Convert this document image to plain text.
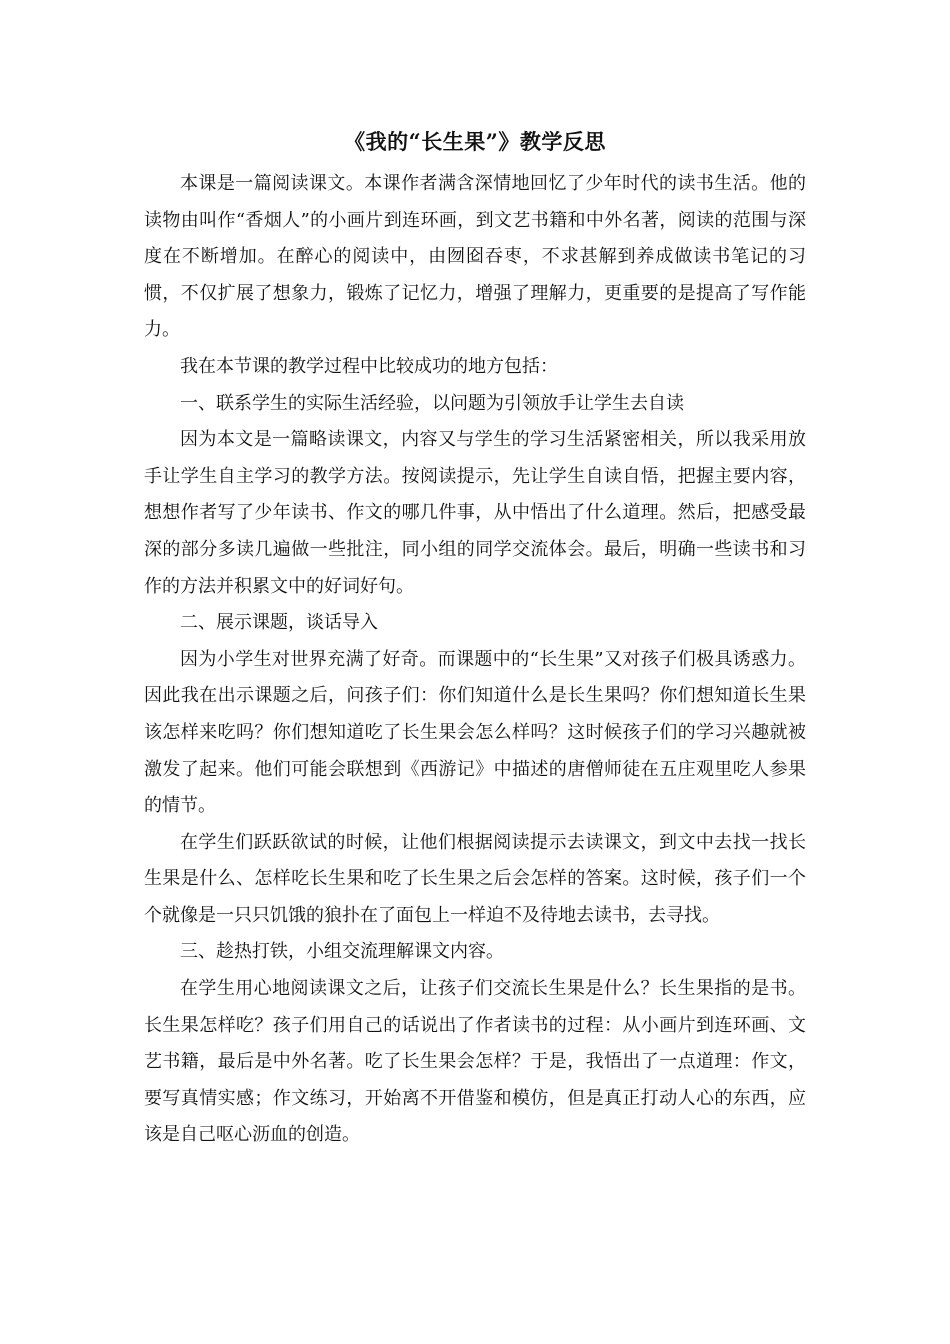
《我的“长生果”》教学反思

本课是一篇阅读课文。本课作者满含深情地回忆了少年时代的读书生活。他的读物由叫作“香烟人”的小画片到连环画，到文艺书籍和中外名著，阅读的范围与深度在不断增加。在醉心的阅读中，由囫囵吞枣，不求甚解到养成做读书笔记的习惯，不仅扩展了想象力，锻炼了记忆力，增强了理解力，更重要的是提高了写作能力。

我在本节课的教学过程中比较成功的地方包括：

一、联系学生的实际生活经验，以问题为引领放手让学生去自读

因为本文是一篇略读课文，内容又与学生的学习生活紧密相关，所以我采用放手让学生自主学习的教学方法。按阅读提示，先让学生自读自悟，把握主要内容，想想作者写了少年读书、作文的哪几件事，从中悟出了什么道理。然后，把感受最深的部分多读几遍做一些批注，同小组的同学交流体会。最后，明确一些读书和习作的方法并积累文中的好词好句。

二、展示课题，谈话导入

因为小学生对世界充满了好奇。而课题中的“长生果”又对孩子们极具诱惑力。因此我在出示课题之后，问孩子们：你们知道什么是长生果吗？你们想知道长生果该怎样来吃吗？你们想知道吃了长生果会怎么样吗？这时候孩子们的学习兴趣就被激发了起来。他们可能会联想到《西游记》中描述的唐僧师徒在五庄观里吃人参果的情节。

在学生们跃跃欲试的时候，让他们根据阅读提示去读课文，到文中去找一找长生果是什么、怎样吃长生果和吃了长生果之后会怎样的答案。这时候，孩子们一个个就像是一只只饥饿的狼扑在了面包上一样迫不及待地去读书，去寻找。

三、趁热打铁，小组交流理解课文内容。

在学生用心地阅读课文之后，让孩子们交流长生果是什么？长生果指的是书。长生果怎样吃？孩子们用自己的话说出了作者读书的过程：从小画片到连环画、文艺书籍，最后是中外名著。吃了长生果会怎样？于是，我悟出了一点道理：作文，要写真情实感；作文练习，开始离不开借鉴和模仿，但是真正打动人心的东西，应该是自己呕心沥血的创造。
